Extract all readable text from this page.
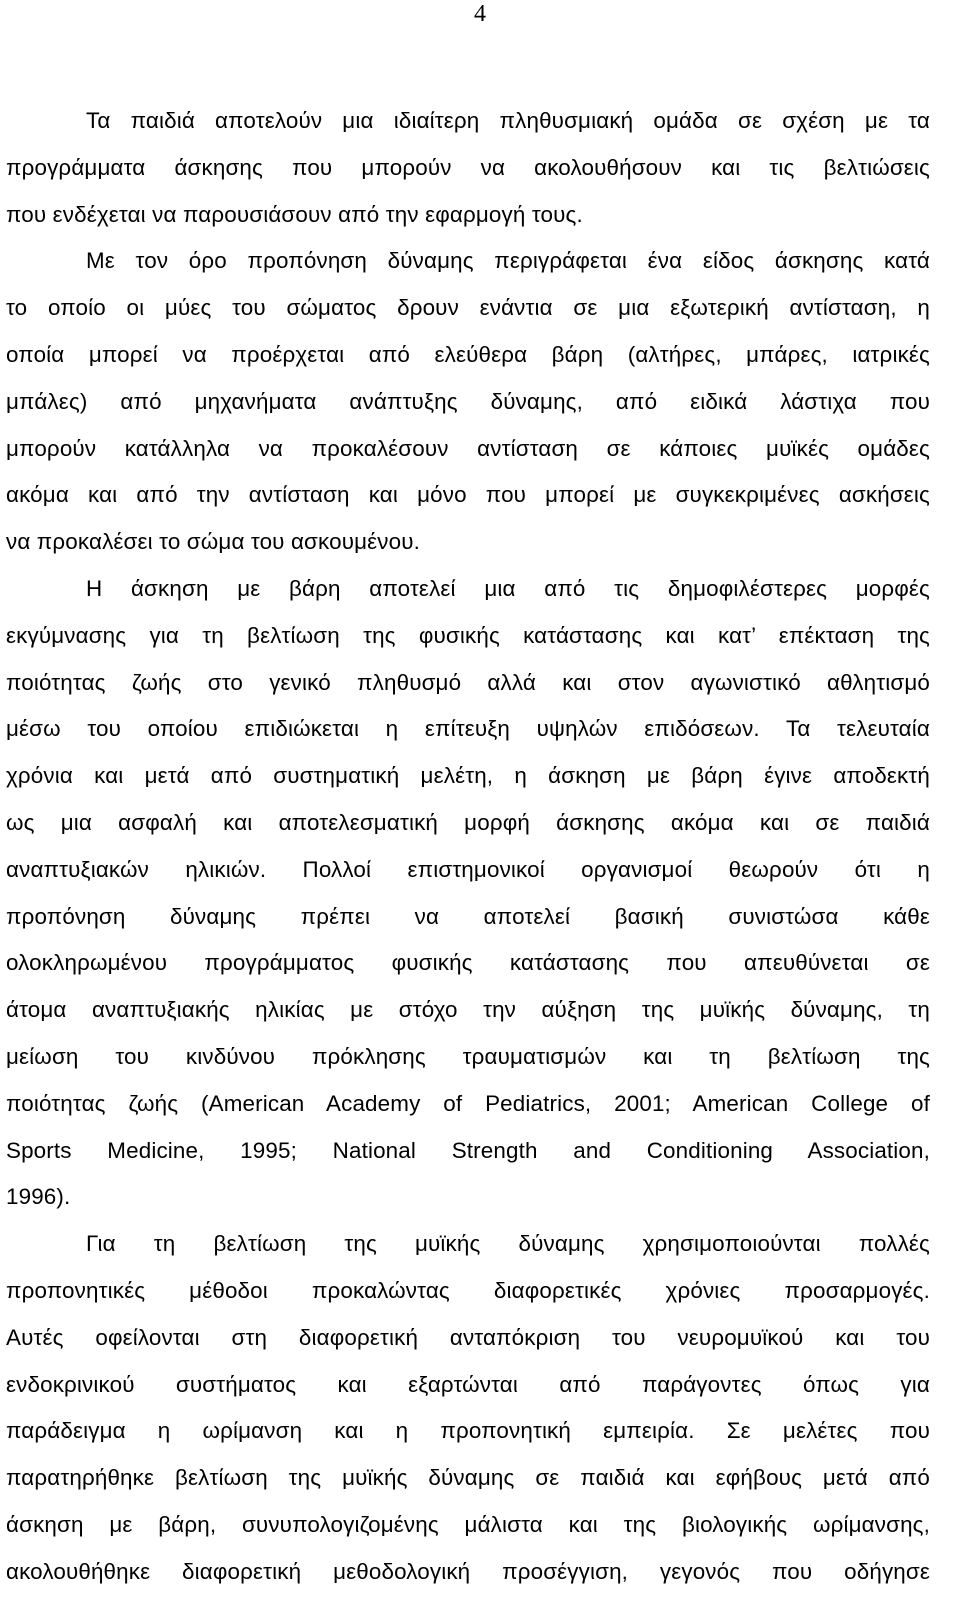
4
Τα παιδιά αποτελούν μια ιδιαίτερη πληθυσμιακή ομάδα σε σχέση με τα
προγράμματα άσκησης που μπορούν να ακολουθήσουν και τις βελτιώσεις
που ενδέχεται να παρουσιάσουν από την εφαρμογή τους.
Με τον όρο προπόνηση δύναμης περιγράφεται ένα είδος άσκησης κατά
το οποίο οι μύες του σώματος δρουν ενάντια σε μια εξωτερική αντίσταση, η
οποία μπορεί να προέρχεται από ελεύθερα βάρη (αλτήρες, μπάρες, ιατρικές
μπάλες) από μηχανήματα ανάπτυξης δύναμης, από ειδικά λάστιχα που
μπορούν κατάλληλα να προκαλέσουν αντίσταση σε κάποιες μυϊκές ομάδες
ακόμα και από την αντίσταση και μόνο που μπορεί με συγκεκριμένες ασκήσεις
να προκαλέσει το σώμα του ασκουμένου.
Η άσκηση με βάρη αποτελεί μια από τις δημοφιλέστερες μορφές
εκγύμνασης για τη βελτίωση της φυσικής κατάστασης και κατ’ επέκταση της
ποιότητας ζωής στο γενικό πληθυσμό αλλά και στον αγωνιστικό αθλητισμό
μέσω του οποίου επιδιώκεται η επίτευξη υψηλών επιδόσεων. Τα τελευταία
χρόνια και μετά από συστηματική μελέτη, η άσκηση με βάρη έγινε αποδεκτή
ως μια ασφαλή και αποτελεσματική μορφή άσκησης ακόμα και σε παιδιά
αναπτυξιακών ηλικιών. Πολλοί επιστημονικοί οργανισμοί θεωρούν ότι η
προπόνηση δύναμης πρέπει να αποτελεί βασική συνιστώσα κάθε
ολοκληρωμένου προγράμματος φυσικής κατάστασης που απευθύνεται σε
άτομα αναπτυξιακής ηλικίας με στόχο την αύξηση της μυϊκής δύναμης, τη
μείωση του κινδύνου πρόκλησης τραυματισμών και τη βελτίωση της
ποιότητας ζωής (American Academy of Pediatrics, 2001; American College of
Sports Medicine, 1995; National Strength and Conditioning Association,
1996).
Για τη βελτίωση της μυϊκής δύναμης χρησιμοποιούνται πολλές
προπονητικές μέθοδοι προκαλώντας διαφορετικές χρόνιες προσαρμογές.
Αυτές οφείλονται στη διαφορετική ανταπόκριση του νευρομυϊκού και του
ενδοκρινικού συστήματος και εξαρτώνται από παράγοντες όπως για
παράδειγμα η ωρίμανση και η προπονητική εμπειρία. Σε μελέτες που
παρατηρήθηκε βελτίωση της μυϊκής δύναμης σε παιδιά και εφήβους μετά από
άσκηση με βάρη, συνυπολογιζομένης μάλιστα και της βιολογικής ωρίμανσης,
ακολουθήθηκε διαφορετική μεθοδολογική προσέγγιση, γεγονός που οδήγησε
